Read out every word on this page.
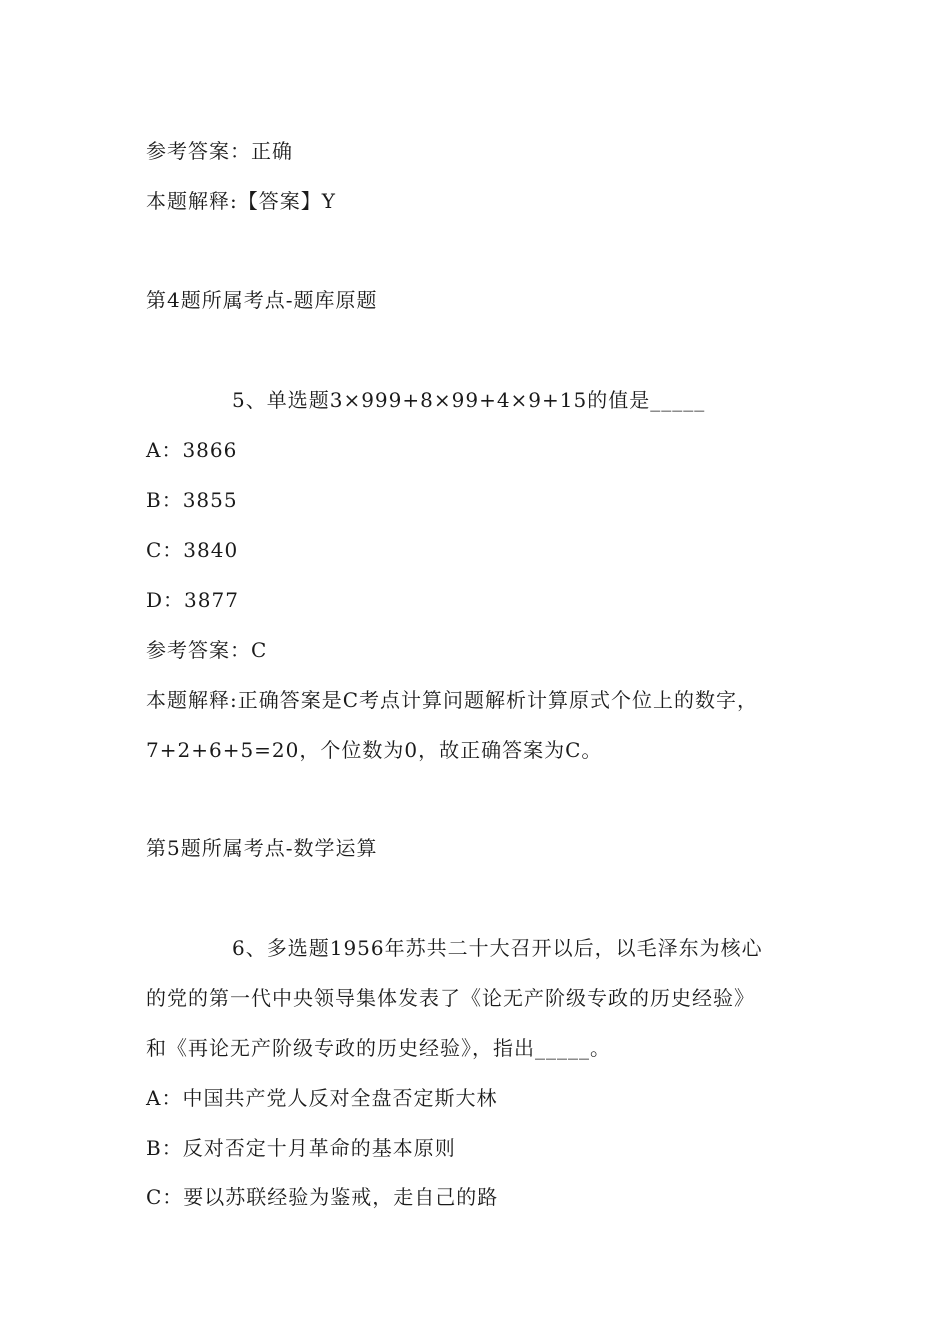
参考答案：正确
本题解释:【答案】Y
第4题所属考点-题库原题
5、单选题3×999+8×99+4×9+15的值是_____
A：3866
B：3855
C：3840
D：3877
参考答案：C
本题解释:正确答案是C考点计算问题解析计算原式个位上的数字，
7+2+6+5=20，个位数为0，故正确答案为C。
第5题所属考点-数学运算
6、多选题1956年苏共二十大召开以后，以毛泽东为核心
的党的第一代中央领导集体发表了《论无产阶级专政的历史经验》
和《再论无产阶级专政的历史经验》，指出_____。
A：中国共产党人反对全盘否定斯大林
B：反对否定十月革命的基本原则
C：要以苏联经验为鉴戒，走自己的路
